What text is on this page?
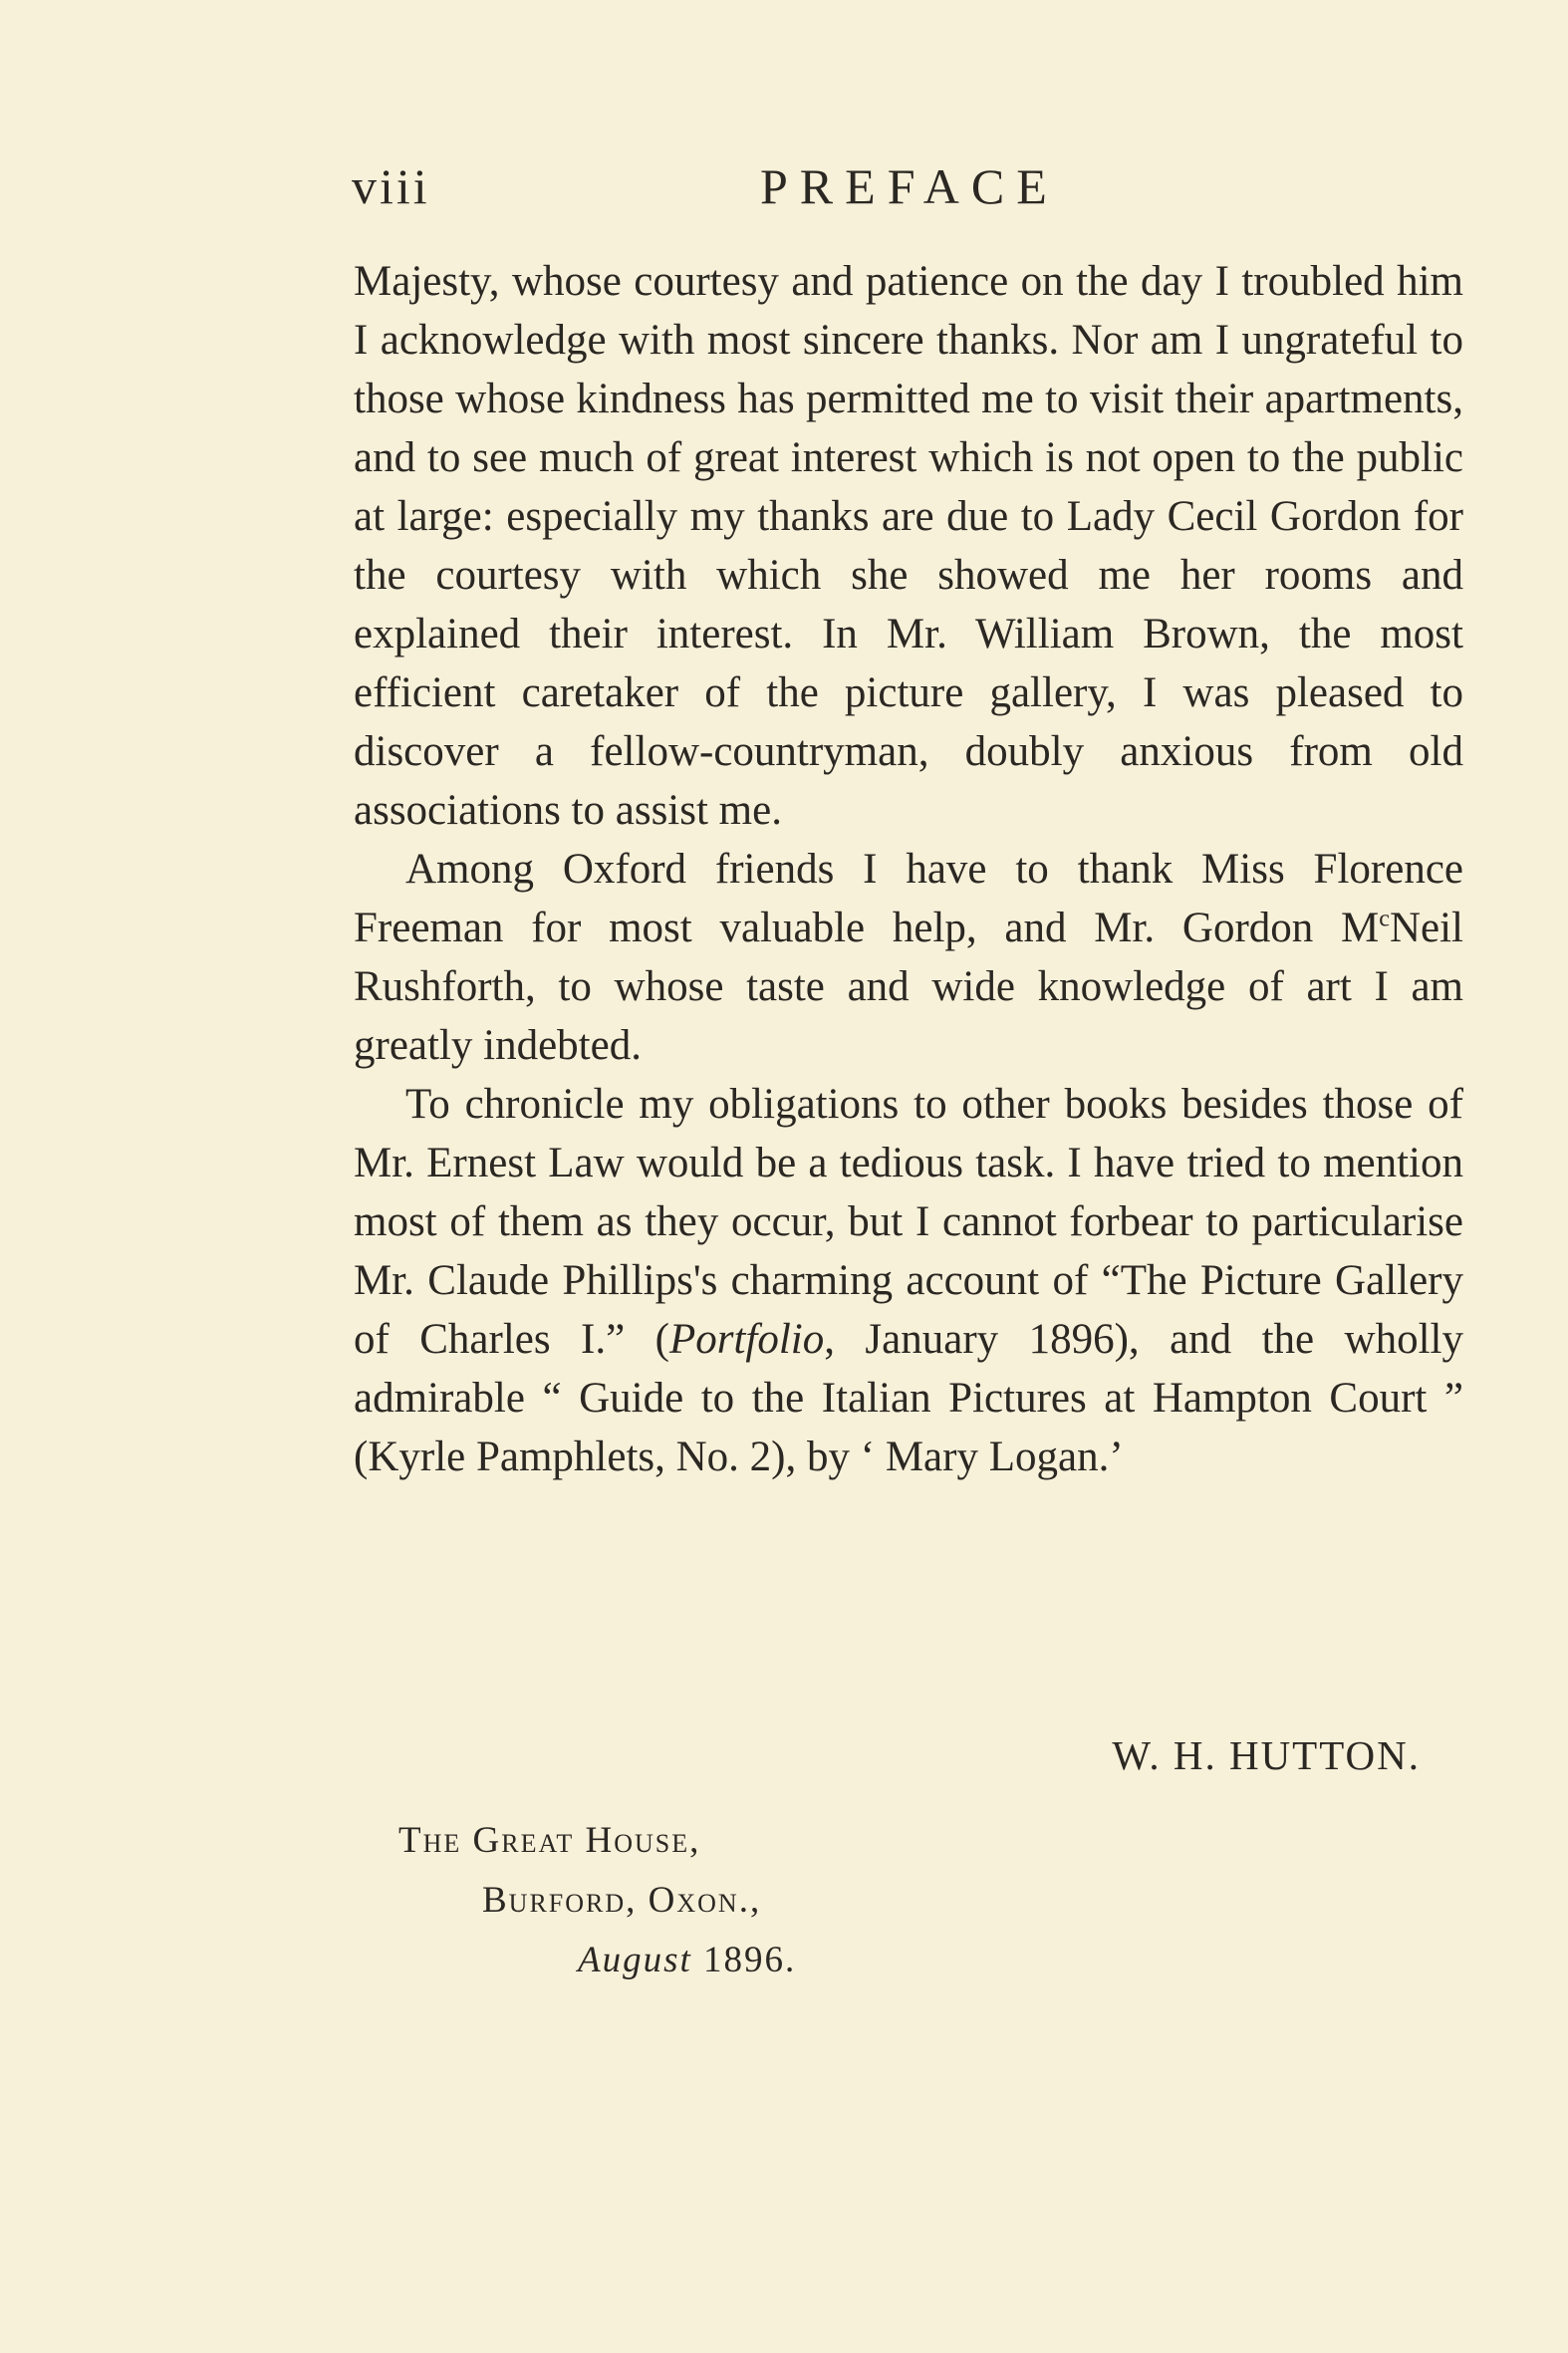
viii	PREFACE

Majesty, whose courtesy and patience on the day I troubled him I acknowledge with most sincere thanks. Nor am I ungrateful to those whose kindness has permitted me to visit their apartments, and to see much of great interest which is not open to the public at large: especially my thanks are due to Lady Cecil Gordon for the courtesy with which she showed me her rooms and explained their interest. In Mr. William Brown, the most efficient caretaker of the picture gallery, I was pleased to discover a fellow-countryman, doubly anxious from old associations to assist me.

Among Oxford friends I have to thank Miss Florence Freeman for most valuable help, and Mr. Gordon $M^cNeil$ Rushforth, to whose taste and wide knowledge of art I am greatly indebted.

To chronicle my obligations to other books besides those of Mr. Ernest Law would be a tedious task. I have tried to mention most of them as they occur, but I cannot forbear to particularise Mr. Claude Phillips's charming account of “The Picture Gallery of Charles I.” (Portfolio, January 1896), and the wholly admirable “ Guide to the Italian Pictures at Hampton Court ” (Kyrle Pamphlets, No. 2), by ‘ Mary Logan.’

W. H. HUTTON.
The Great House,
Burford, Oxon.,
August 1896.
